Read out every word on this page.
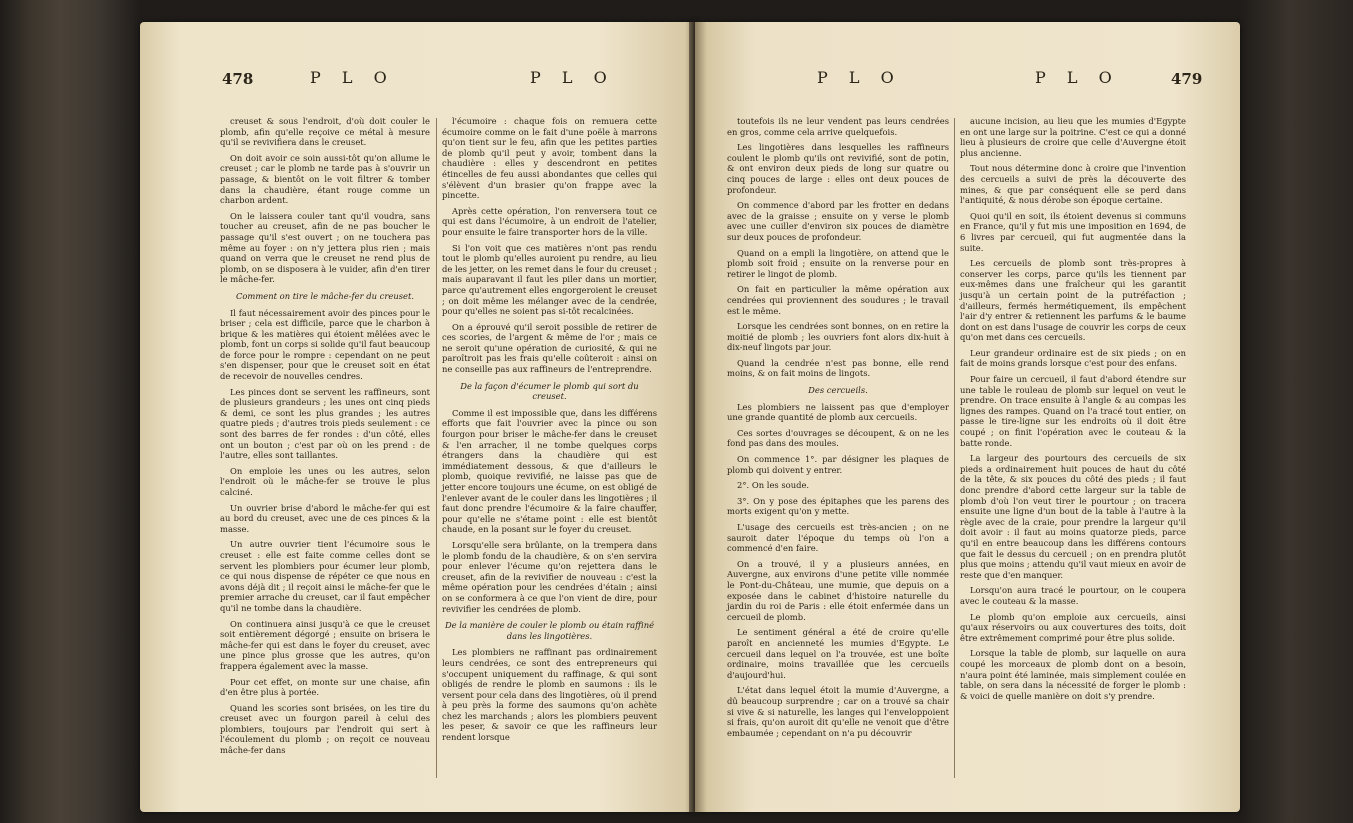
478	P L O	P L O

creuset & sous l'endroit, d'où doit couler le plomb, afin qu'elle reçoive ce métal à mesure qu'il se revivifiera dans le creuset.

On doit avoir ce soin aussi-tôt qu'on allume le creuset ; car le plomb ne tarde pas à s'ouvrir un passage, & bientôt on le voit filtrer & tomber dans la chaudière, étant rouge comme un charbon ardent.

On le laissera couler tant qu'il voudra, sans toucher au creuset, afin de ne pas boucher le passage qu'il s'est ouvert ; on ne touchera pas même au foyer : on n'y jettera plus rien ; mais quand on verra que le creuset ne rend plus de plomb, on se disposera à le vuider, afin d'en tirer le mâche-fer.

Comment on tire le mâche-fer du creuset.

Il faut nécessairement avoir des pinces pour le briser ; cela est difficile, parce que le charbon à brique & les matières qui étoient mêlées avec le plomb, font un corps si solide qu'il faut beaucoup de force pour le rompre : cependant on ne peut s'en dispenser, pour que le creuset soit en état de recevoir de nouvelles cendres.

Les pinces dont se servent les raffineurs, sont de plusieurs grandeurs ; les unes ont cinq pieds & demi, ce sont les plus grandes ; les autres quatre pieds ; d'autres trois pieds seulement : ce sont des barres de fer rondes : d'un côté, elles ont un bouton ; c'est par où on les prend : de l'autre, elles sont taillantes.

On emploie les unes ou les autres, selon l'endroit où le mâche-fer se trouve le plus calciné.

Un ouvrier brise d'abord le mâche-fer qui est au bord du creuset, avec une de ces pinces & la masse.

Un autre ouvrier tient l'écumoire sous le creuset : elle est faite comme celles dont se servent les plombiers pour écumer leur plomb, ce qui nous dispense de répéter ce que nous en avons déjà dit ; il reçoit ainsi le mâche-fer que le premier arrache du creuset, car il faut empêcher qu'il ne tombe dans la chaudière.

On continuera ainsi jusqu'à ce que le creuset soit entièrement dégorgé ; ensuite on brisera le mâche-fer qui est dans le foyer du creuset, avec une pince plus grosse que les autres, qu'on frappera également avec la masse.

Pour cet effet, on monte sur une chaise, afin d'en être plus à portée.

Quand les scories sont brisées, on les tire du creuset avec un fourgon pareil à celui des plombiers, toujours par l'endroit qui sert à l'écoulement du plomb ; on reçoit ce nouveau mâche-fer dans

l'écumoire : chaque fois on remuera cette écumoire comme on le fait d'une poële à marrons qu'on tient sur le feu, afin que les petites parties de plomb qu'il peut y avoir, tombent dans la chaudière : elles y descendront en petites étincelles de feu aussi abondantes que celles qui s'élèvent d'un brasier qu'on frappe avec la pincette.

Après cette opération, l'on renversera tout ce qui est dans l'écumoire, à un endroit de l'atelier, pour ensuite le faire transporter hors de la ville.

Si l'on voit que ces matières n'ont pas rendu tout le plomb qu'elles auroient pu rendre, au lieu de les jetter, on les remet dans le four du creuset ; mais auparavant il faut les piler dans un mortier, parce qu'autrement elles engorgeroient le creuset ; on doit même les mélanger avec de la cendrée, pour qu'elles ne soient pas si-tôt recalcinées.

On a éprouvé qu'il seroit possible de retirer de ces scories, de l'argent & même de l'or ; mais ce ne seroit qu'une opération de curiosité, & qui ne paroîtroit pas les frais qu'elle coûteroit : ainsi on ne conseille pas aux raffineurs de l'entreprendre.

De la façon d'écumer le plomb qui sort du creuset.

Comme il est impossible que, dans les différens efforts que fait l'ouvrier avec la pince ou son fourgon pour briser le mâche-fer dans le creuset & l'en arracher, il ne tombe quelques corps étrangers dans la chaudière qui est immédiatement dessous, & que d'ailleurs le plomb, quoique revivifié, ne laisse pas que de jetter encore toujours une écume, on est obligé de l'enlever avant de le couler dans les lingotières ; il faut donc prendre l'écumoire & la faire chauffer, pour qu'elle ne s'étame point : elle est bientôt chaude, en la posant sur le foyer du creuset.

Lorsqu'elle sera brûlante, on la trempera dans le plomb fondu de la chaudière, & on s'en servira pour enlever l'écume qu'on rejettera dans le creuset, afin de la revivifier de nouveau : c'est la même opération pour les cendrées d'étain ; ainsi on se conformera à ce que l'on vient de dire, pour revivifier les cendrées de plomb.

De la manière de couler le plomb ou étain raffiné dans les lingotières.

Les plombiers ne raffinant pas ordinairement leurs cendrées, ce sont des entrepreneurs qui s'occupent uniquement du raffinage, & qui sont obligés de rendre le plomb en saumons : ils le versent pour cela dans des lingotières, où il prend à peu près la forme des saumons qu'on achète chez les marchands ; alors les plombiers peuvent les peser, & savoir ce que les raffineurs leur rendent lorsque

P L O	P L O	479

toutefois ils ne leur vendent pas leurs cendrées en gros, comme cela arrive quelquefois.

Les lingotières dans lesquelles les raffineurs coulent le plomb qu'ils ont revivifié, sont de potin, & ont environ deux pieds de long sur quatre ou cinq pouces de large : elles ont deux pouces de profondeur.

On commence d'abord par les frotter en dedans avec de la graisse ; ensuite on y verse le plomb avec une cuiller d'environ six pouces de diamètre sur deux pouces de profondeur.

Quand on a empli la lingotière, on attend que le plomb soit froid ; ensuite on la renverse pour en retirer le lingot de plomb.

On fait en particulier la même opération aux cendrées qui proviennent des soudures ; le travail est le même.

Lorsque les cendrées sont bonnes, on en retire la moitié de plomb ; les ouvriers font alors dix-huit à dix-neuf lingots par jour.

Quand la cendrée n'est pas bonne, elle rend moins, & on fait moins de lingots.

Des cercueils.

Les plombiers ne laissent pas que d'employer une grande quantité de plomb aux cercueils.

Ces sortes d'ouvrages se découpent, & on ne les fond pas dans des moules.

On commence 1°. par désigner les plaques de plomb qui doivent y entrer.

2°. On les soude.

3°. On y pose des épitaphes que les parens des morts exigent qu'on y mette.

L'usage des cercueils est très-ancien ; on ne sauroit dater l'époque du temps où l'on a commencé d'en faire.

On a trouvé, il y a plusieurs années, en Auvergne, aux environs d'une petite ville nommée le Pont-du-Château, une mumie, que depuis on a exposée dans le cabinet d'histoire naturelle du jardin du roi de Paris : elle étoit enfermée dans un cercueil de plomb.

Le sentiment général a été de croire qu'elle paroît en ancienneté les mumies d'Egypte. Le cercueil dans lequel on l'a trouvée, est une boîte ordinaire, moins travaillée que les cercueils d'aujourd'hui.

L'état dans lequel étoit la mumie d'Auvergne, a dû beaucoup surprendre ; car on a trouvé sa chair si vive & si naturelle, les langes qui l'enveloppoient si frais, qu'on auroit dit qu'elle ne venoit que d'être embaumée ; cependant on n'a pu découvrir

aucune incision, au lieu que les mumies d'Egypte en ont une large sur la poitrine. C'est ce qui a donné lieu à plusieurs de croire que celle d'Auvergne étoit plus ancienne.

Tout nous détermine donc à croire que l'invention des cercueils a suivi de près la découverte des mines, & que par conséquent elle se perd dans l'antiquité, & nous dérobe son époque certaine.

Quoi qu'il en soit, ils étoient devenus si communs en France, qu'il y fut mis une imposition en 1694, de 6 livres par cercueil, qui fut augmentée dans la suite.

Les cercueils de plomb sont très-propres à conserver les corps, parce qu'ils les tiennent par eux-mêmes dans une fraîcheur qui les garantit jusqu'à un certain point de la putréfaction ; d'ailleurs, fermés hermétiquement, ils empêchent l'air d'y entrer & retiennent les parfums & le baume dont on est dans l'usage de couvrir les corps de ceux qu'on met dans ces cercueils.

Leur grandeur ordinaire est de six pieds ; on en fait de moins grands lorsque c'est pour des enfans.

Pour faire un cercueil, il faut d'abord étendre sur une table le rouleau de plomb sur lequel on veut le prendre. On trace ensuite à l'angle & au compas les lignes des rampes. Quand on l'a tracé tout entier, on passe le tire-ligne sur les endroits où il doit être coupé ; on finit l'opération avec le couteau & la batte ronde.

La largeur des pourtours des cercueils de six pieds a ordinairement huit pouces de haut du côté de la tête, & six pouces du côté des pieds ; il faut donc prendre d'abord cette largeur sur la table de plomb d'où l'on veut tirer le pourtour ; on tracera ensuite une ligne d'un bout de la table à l'autre à la règle avec de la craie, pour prendre la largeur qu'il doit avoir : il faut au moins quatorze pieds, parce qu'il en entre beaucoup dans les différens contours que fait le dessus du cercueil ; on en prendra plutôt plus que moins ; attendu qu'il vaut mieux en avoir de reste que d'en manquer.

Lorsqu'on aura tracé le pourtour, on le coupera avec le couteau & la masse.

Le plomb qu'on emploie aux cercueils, ainsi qu'aux réservoirs ou aux couvertures des toits, doit être extrêmement comprimé pour être plus solide.

Lorsque la table de plomb, sur laquelle on aura coupé les morceaux de plomb dont on a besoin, n'aura point été laminée, mais simplement coulée en table, on sera dans la nécessité de forger le plomb : & voici de quelle manière on doit s'y prendre.
